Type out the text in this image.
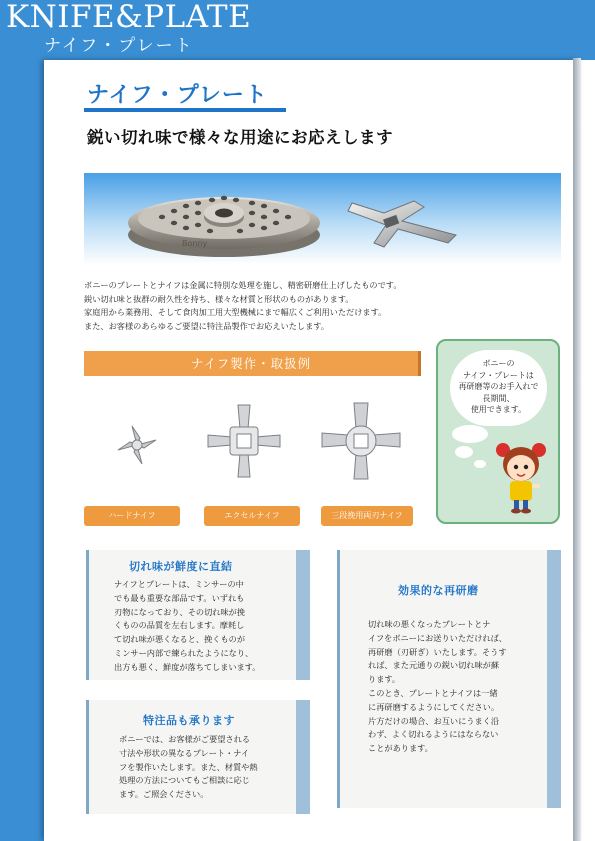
KNIFE&PLATE
ナイフ・プレート
ナイフ・プレート
鋭い切れ味で様々な用途にお応えします
Bonny
ボニーのプレートとナイフは金属に特別な処理を施し、精密研磨仕上げしたものです。
鋭い切れ味と抜群の耐久性を持ち、様々な材質と形状のものがあります。
家庭用から業務用、そして食肉加工用大型機械にまで幅広くご利用いただけます。
また、お客様のあらゆるご要望に特注品製作でお応えいたします。
ナイフ製作・取扱例
ハードナイフ	エクセルナイフ	三段挽用両刃ナイフ
ボニーの
ナイフ・プレートは
再研磨等のお手入れで
長期間、
使用できます。
切れ味が鮮度に直結
ナイフとプレートは、ミンサーの中
でも最も重要な部品です。いずれも
刃物になっており、その切れ味が挽
くものの品質を左右します。摩耗し
て切れ味が悪くなると、挽くものが
ミンサー内部で練られたようになり、
出方も悪く、鮮度が落ちてしまいます。
特注品も承ります
ボニーでは、お客様がご要望される
寸法や形状の異なるプレート・ナイ
フを製作いたします。また、材質や熱
処理の方法についてもご相談に応じ
ます。ご照会ください。
効果的な再研磨
切れ味の悪くなったプレートとナ
イフをボニーにお送りいただければ、
再研磨（刃研ぎ）いたします。そうす
れば、また元通りの鋭い切れ味が蘇
ります。
このとき、プレートとナイフは一緒
に再研磨するようにしてください。
片方だけの場合、お互いにうまく沿
わず、よく切れるようにはならない
ことがあります。
